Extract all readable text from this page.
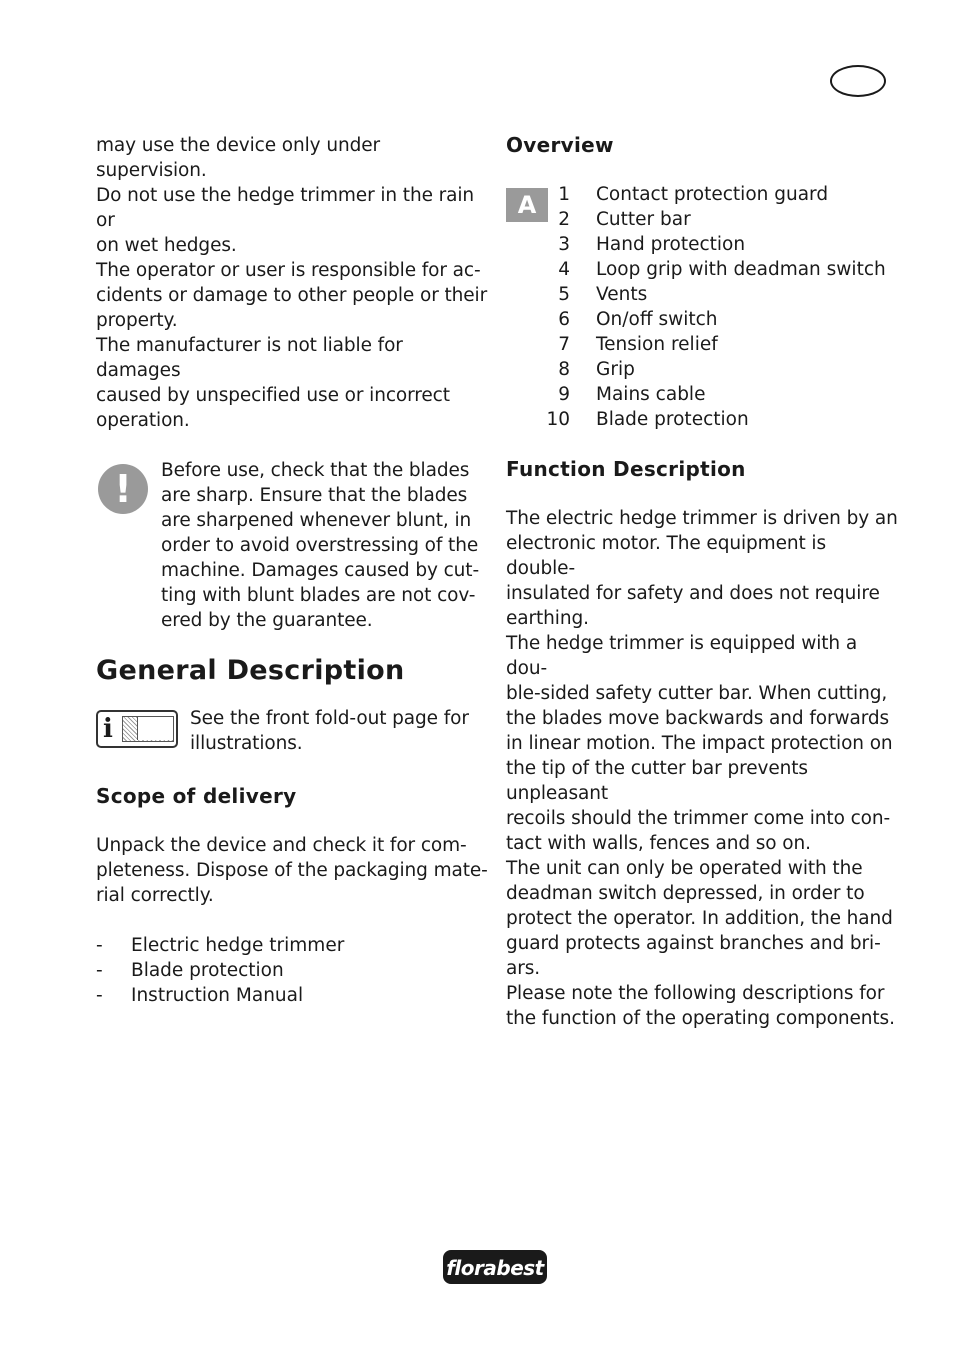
may use the device only under supervision.
Do not use the hedge trimmer in the rain or
on wet hedges.
The operator or user is responsible for ac-
cidents or damage to other people or their
property.
The manufacturer is not liable for damages
caused by unspecified use or incorrect
operation.

!	Before use, check that the blades
are sharp. Ensure that the blades
are sharpened whenever blunt, in
order to avoid overstressing of the
machine. Damages caused by cut-
ting with blunt blades are not cov-
ered by the guarantee.

General Description
i	See the front fold-out page for
illustrations.

Scope of delivery

Unpack the device and check it for com-
pleteness. Dispose of the packaging mate-
rial correctly.

-	Electric hedge trimmer
-	Blade protection
-	Instruction Manual
Overview
A	1 Contact protection guard
2 Cutter bar
3 Hand protection
4 Loop grip with deadman switch
5 Vents
6 On/off switch
7 Tension relief
8 Grip
9 Mains cable
10 Blade protection
Function Description

The electric hedge trimmer is driven by an
electronic motor. The equipment is double-
insulated for safety and does not require
earthing.
The hedge trimmer is equipped with a dou-
ble-sided safety cutter bar. When cutting,
the blades move backwards and forwards
in linear motion. The impact protection on
the tip of the cutter bar prevents unpleasant
recoils should the trimmer come into con-
tact with walls, fences and so on.
The unit can only be operated with the
deadman switch depressed, in order to
protect the operator. In addition, the hand
guard protects against branches and bri-
ars.
Please note the following descriptions for
the function of the operating components.

florabest
